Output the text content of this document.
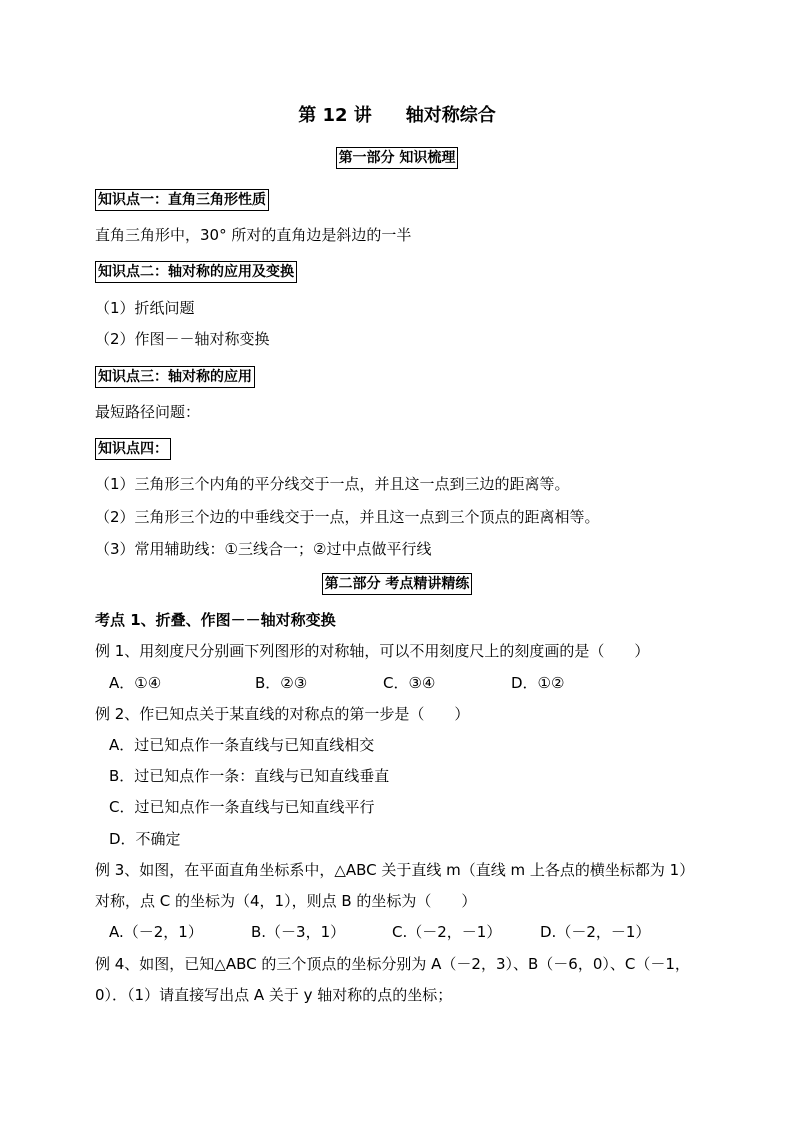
第 12 讲 轴对称综合
第一部分 知识梳理
知识点一：直角三角形性质
直角三角形中，30° 所对的直角边是斜边的一半
知识点二：轴对称的应用及变换
（1）折纸问题
（2）作图－－轴对称变换
知识点三：轴对称的应用
最短路径问题：
知识点四：
（1）三角形三个内角的平分线交于一点，并且这一点到三边的距离等。
（2）三角形三个边的中垂线交于一点，并且这一点到三个顶点的距离相等。
（3）常用辅助线：①三线合一；②过中点做平行线
第二部分 考点精讲精练
考点 1、折叠、作图－－轴对称变换
例 1、用刻度尺分别画下列图形的对称轴，可以不用刻度尺上的刻度画的是（　　）
A．①④	B．②③	C．③④	D．①②
例 2、作已知点关于某直线的对称点的第一步是（　　）
A．过已知点作一条直线与已知直线相交
B．过已知点作一条：直线与已知直线垂直
C．过已知点作一条直线与已知直线平行
D．不确定
例 3、如图，在平面直角坐标系中，△ABC 关于直线 m（直线 m 上各点的横坐标都为 1）
对称，点 C 的坐标为（4，1），则点 B 的坐标为（　　）
A.（－2，1）	B.（－3，1）	C.（－2，－1）	D.（－2，－1）
例 4、如图，已知△ABC 的三个顶点的坐标分别为 A（－2，3）、B（－6，0）、C（－1，
0）．（1）请直接写出点 A 关于 y 轴对称的点的坐标；
